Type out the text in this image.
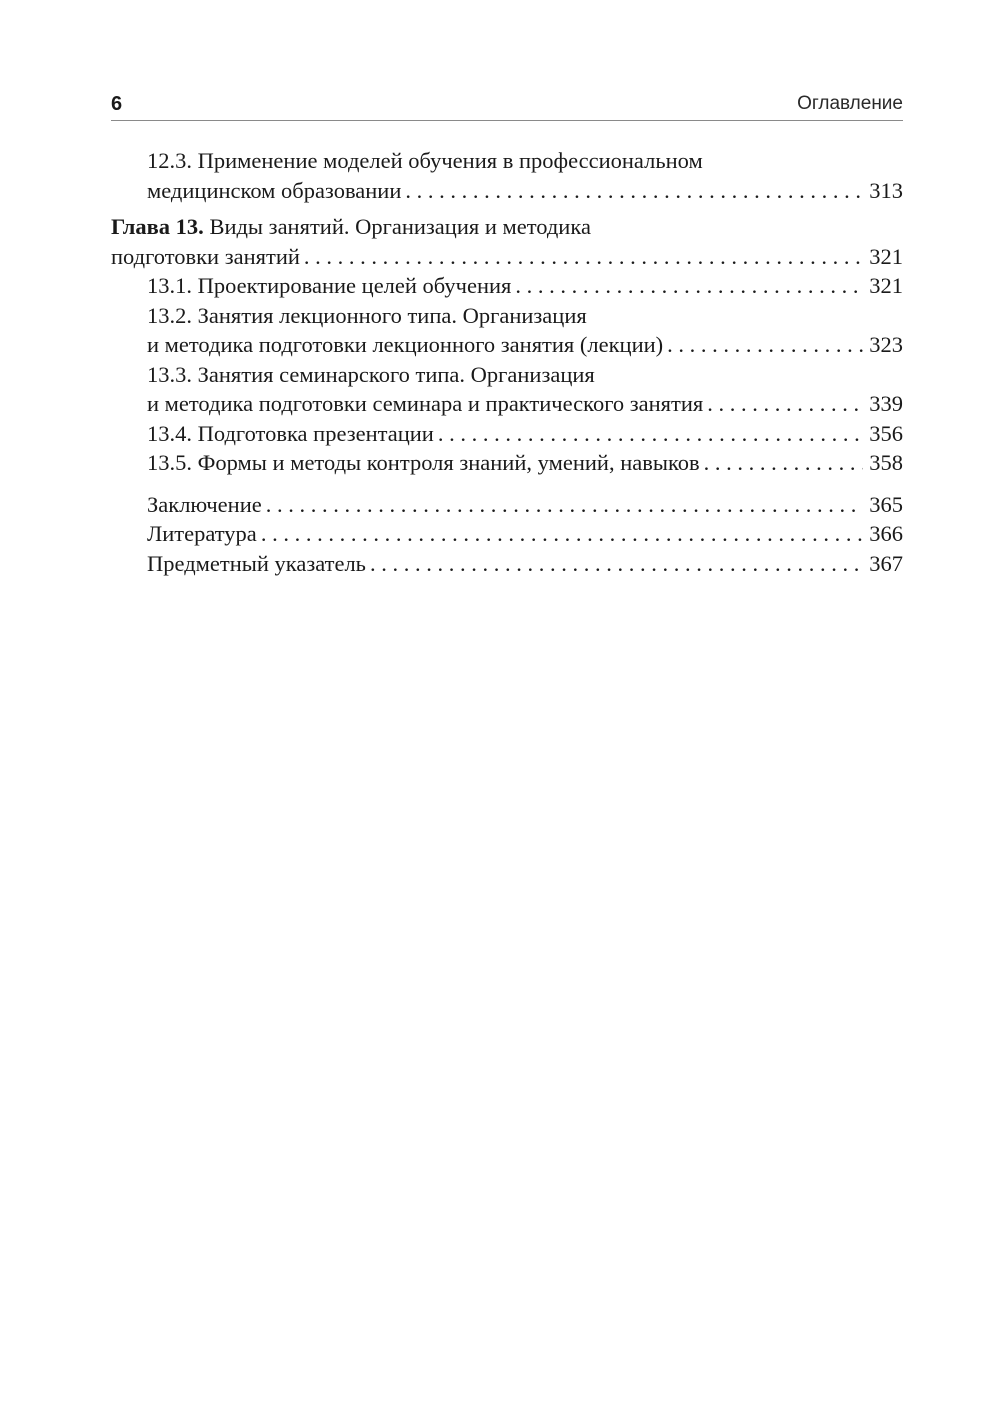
6	Оглавление
12.3. Применение моделей обучения в профессиональном
медицинском образовании . . .	313
Глава 13. Виды занятий. Организация и методика
подготовки занятий . . .	321
13.1. Проектирование целей обучения . . .	321
13.2. Занятия лекционного типа. Организация
и методика подготовки лекционного занятия (лекции) . . .	323
13.3. Занятия семинарского типа. Организация
и методика подготовки семинара и практического занятия . . .	339
13.4. Подготовка презентации . . .	356
13.5. Формы и методы контроля знаний, умений, навыков . . .	358
Заключение . . .	365
Литература . . .	366
Предметный указатель . . .	367
